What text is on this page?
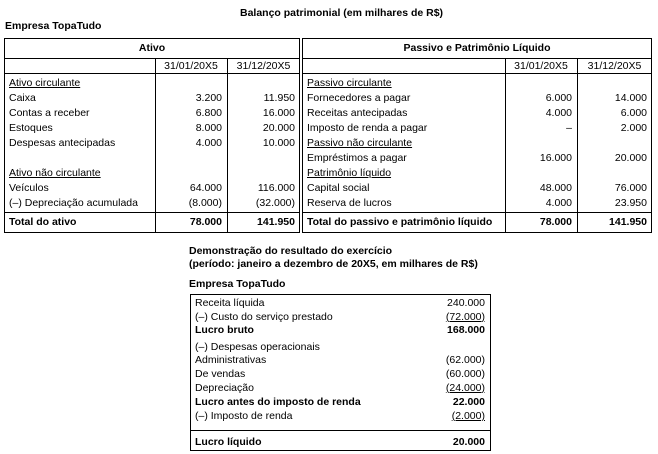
Balanço patrimonial (em milhares de R$)
Empresa TopaTudo
Ativo	Passivo e Patrimônio Líquido
31/01/20X5	31/12/20X5	31/01/20X5	31/12/20X5
Ativo circulante
Caixa	3.200	11.950
Contas a receber	6.800	16.000
Estoques	8.000	20.000
Despesas antecipadas	4.000	10.000
Ativo não circulante
Veículos	64.000	116.000
(–) Depreciação acumulada	(8.000)	(32.000)
Passivo circulante
Fornecedores a pagar	6.000	14.000
Receitas antecipadas	4.000	6.000
Imposto de renda a pagar	–	2.000
Passivo não circulante
Empréstimos a pagar	16.000	20.000
Patrimônio líquido
Capital social	48.000	76.000
Reserva de lucros	4.000	23.950
Total do ativo	78.000	141.950 Total do passivo e patrimônio líquido	78.000	141.950
Demonstração do resultado do exercício
(período: janeiro a dezembro de 20X5, em milhares de R$)
Empresa TopaTudo
Receita líquida	240.000
(–) Custo do serviço prestado	(72.000)
Lucro bruto	168.000
(–) Despesas operacionais
Administrativas	(62.000)
De vendas	(60.000)
Depreciação	(24.000)
Lucro antes do imposto de renda	22.000
(–) Imposto de renda	(2.000)
Lucro líquido	20.000
